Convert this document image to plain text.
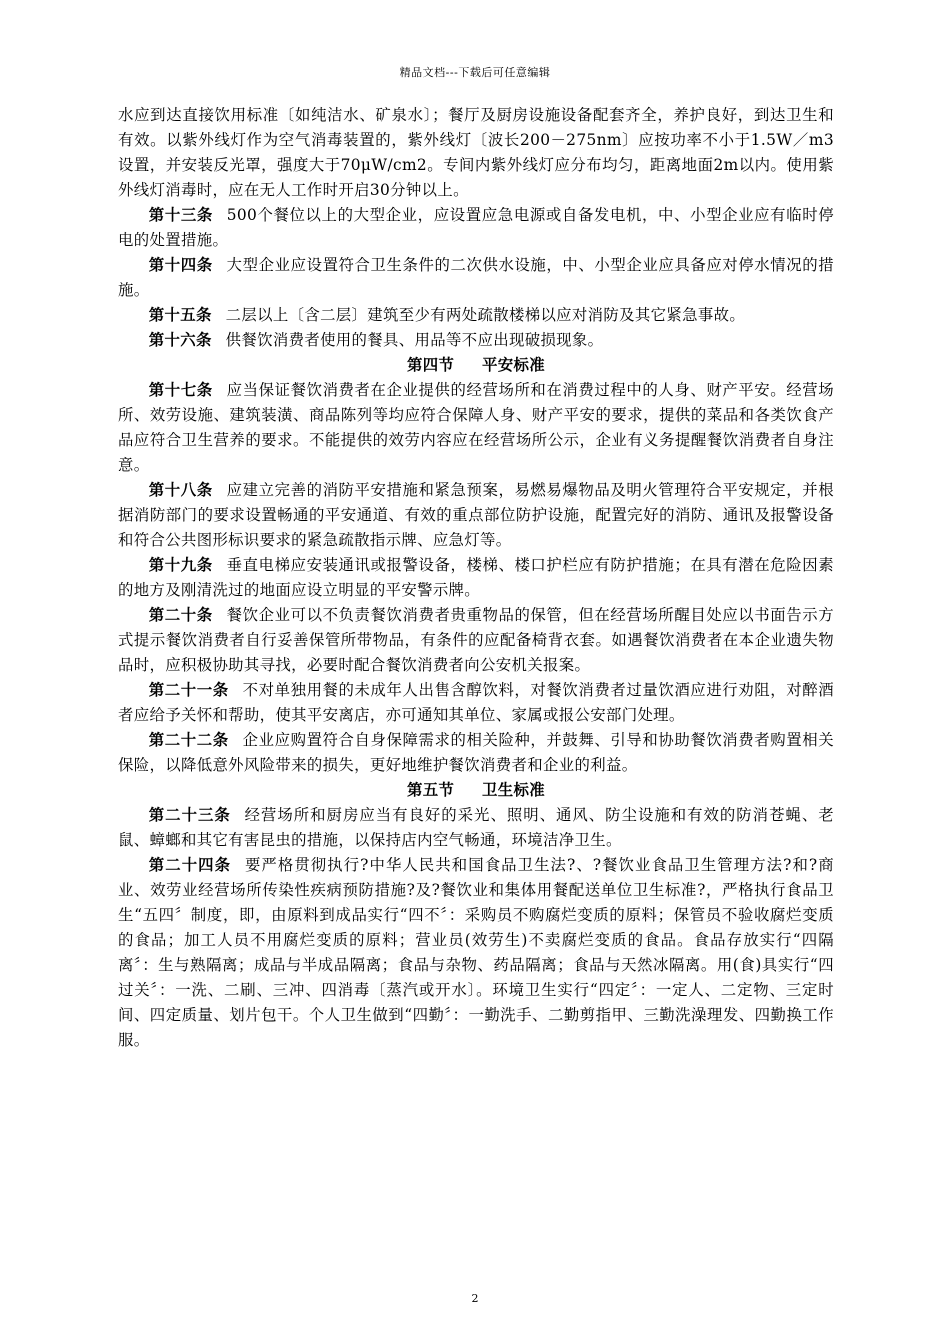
精品文档---下载后可任意编辑

水应到达直接饮用标准〔如纯洁水、矿泉水〕；餐厅及厨房设施设备配套齐全，养护良好，到达卫生和有效。以紫外线灯作为空气消毒装置的，紫外线灯〔波长200－275nm〕应按功率不小于1.5W／m3设置，并安装反光罩，强度大于70μW/cm2。专间内紫外线灯应分布均匀，距离地面2m以内。使用紫外线灯消毒时，应在无人工作时开启30分钟以上。

第十三条 500个餐位以上的大型企业，应设置应急电源或自备发电机，中、小型企业应有临时停电的处置措施。

第十四条 大型企业应设置符合卫生条件的二次供水设施，中、小型企业应具备应对停水情况的措施。

第十五条 二层以上〔含二层〕建筑至少有两处疏散楼梯以应对消防及其它紧急事故。

第十六条 供餐饮消费者使用的餐具、用品等不应出现破损现象。

第四节 平安标准

第十七条 应当保证餐饮消费者在企业提供的经营场所和在消费过程中的人身、财产平安。经营场所、效劳设施、建筑装潢、商品陈列等均应符合保障人身、财产平安的要求，提供的菜品和各类饮食产品应符合卫生营养的要求。不能提供的效劳内容应在经营场所公示，企业有义务提醒餐饮消费者自身注意。

第十八条 应建立完善的消防平安措施和紧急预案，易燃易爆物品及明火管理符合平安规定，并根据消防部门的要求设置畅通的平安通道、有效的重点部位防护设施，配置完好的消防、通讯及报警设备和符合公共图形标识要求的紧急疏散指示牌、应急灯等。

第十九条 垂直电梯应安装通讯或报警设备，楼梯、楼口护栏应有防护措施；在具有潜在危险因素的地方及刚清洗过的地面应设立明显的平安警示牌。

第二十条 餐饮企业可以不负责餐饮消费者贵重物品的保管，但在经营场所醒目处应以书面告示方式提示餐饮消费者自行妥善保管所带物品，有条件的应配备椅背衣套。如遇餐饮消费者在本企业遗失物品时，应积极协助其寻找，必要时配合餐饮消费者向公安机关报案。

第二十一条 不对单独用餐的未成年人出售含醇饮料，对餐饮消费者过量饮酒应进行劝阻，对醉酒者应给予关怀和帮助，使其平安离店，亦可通知其单位、家属或报公安部门处理。

第二十二条 企业应购置符合自身保障需求的相关险种，并鼓舞、引导和协助餐饮消费者购置相关保险，以降低意外风险带来的损失，更好地维护餐饮消费者和企业的利益。

第五节 卫生标准

第二十三条 经营场所和厨房应当有良好的采光、照明、通风、防尘设施和有效的防消苍蝇、老鼠、蟑螂和其它有害昆虫的措施，以保持店内空气畅通，环境洁净卫生。

第二十四条 要严格贯彻执行?中华人民共和国食品卫生法?、?餐饮业食品卫生管理方法?和?商业、效劳业经营场所传染性疾病预防措施?及?餐饮业和集体用餐配送单位卫生标准?，严格执行食品卫生“五四〞制度，即，由原料到成品实行“四不〞：采购员不购腐烂变质的原料；保管员不验收腐烂变质的食品；加工人员不用腐烂变质的原料；营业员(效劳生)不卖腐烂变质的食品。食品存放实行“四隔离〞：生与熟隔离；成品与半成品隔离；食品与杂物、药品隔离；食品与天然冰隔离。用(食)具实行“四过关〞：一洗、二刷、三冲、四消毒〔蒸汽或开水〕。环境卫生实行“四定〞：一定人、二定物、三定时间、四定质量、划片包干。个人卫生做到“四勤〞：一勤洗手、二勤剪指甲、三勤洗澡理发、四勤换工作服。

2
